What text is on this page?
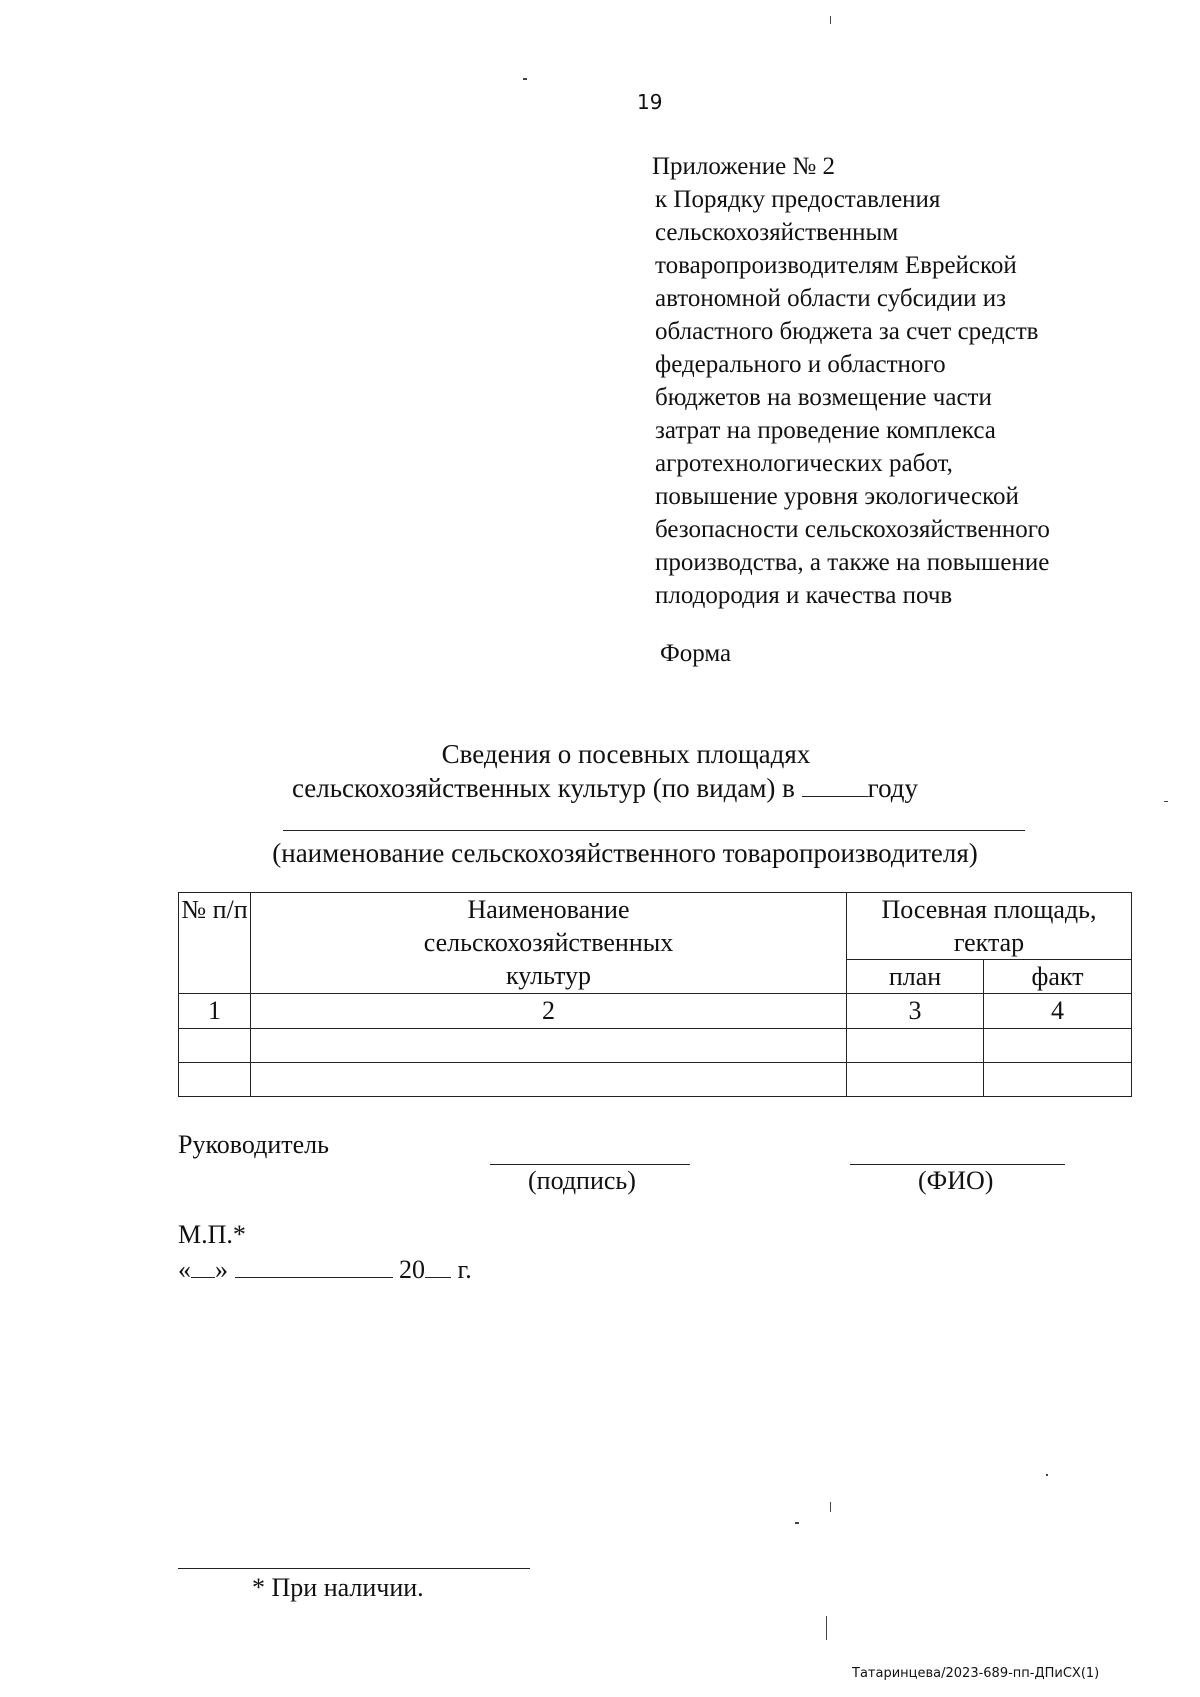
19
Приложение № 2
к Порядку предоставления
сельскохозяйственным
товаропроизводителям Еврейской
автономной области субсидии из
областного бюджета за счет средств
федерального и областного
бюджетов на возмещение части
затрат на проведение комплекса
агротехнологических работ,
повышение уровня экологической
безопасности сельскохозяйственного
производства, а также на повышение
плодородия и качества почв
Форма
Сведения о посевных площадях
сельскохозяйственных культур (по видам) в	году
(наименование сельскохозяйственного товаропроизводителя)
№ п/п	Наименование сельскохозяйственных культур	Посевная площадь, гектар	

		план	факт
1	2	3	4

Руководитель
(подпись)	(ФИО)
М.П.*
« »	20 г.
* При наличии.
Татаринцева/2023-689-пп-ДПиСХ(1)
